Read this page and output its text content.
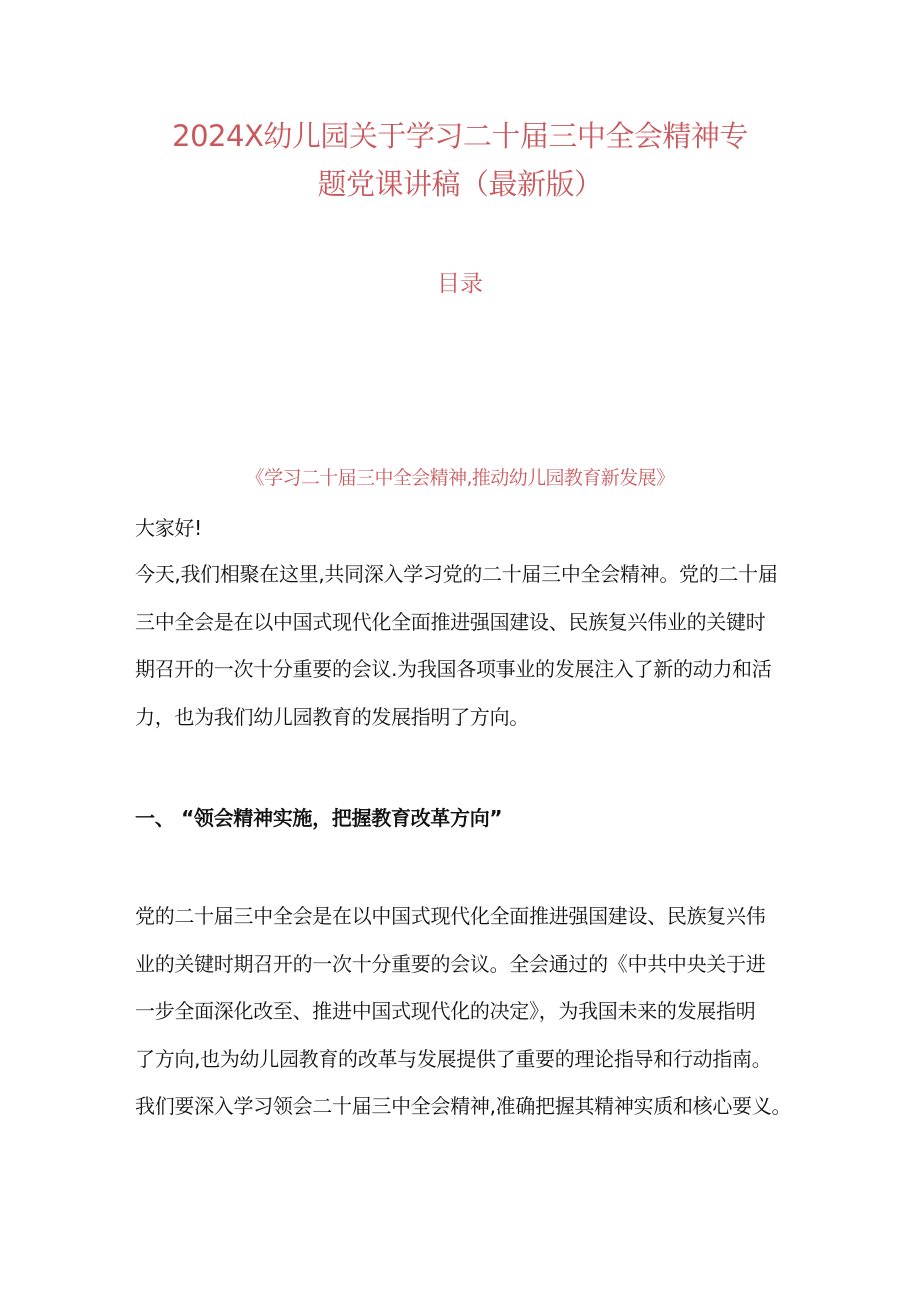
2024X幼儿园关于学习二十届三中全会精神专
题党课讲稿（最新版）
目录
《学习二十届三中全会精神,推动幼儿园教育新发展》
大家好!
今天,我们相聚在这里,共同深入学习党的二十届三中全会精神。党的二十届
三中全会是在以中国式现代化全面推进强国建设、民族复兴伟业的关键时
期召开的一次十分重要的会议.为我国各项事业的发展注入了新的动力和活
力，也为我们幼儿园教育的发展指明了方向。
一、 “领会精神实施，把握教育改革方向”
党的二十届三中全会是在以中国式现代化全面推进强国建设、民族复兴伟
业的关键时期召开的一次十分重要的会议。全会通过的《中共中央关于进
一步全面深化改至、推进中国式现代化的决定》，为我国未来的发展指明
了方向,也为幼儿园教育的改革与发展提供了重要的理论指导和行动指南。
我们要深入学习领会二十届三中全会精神,准确把握其精神实质和核心要义。
